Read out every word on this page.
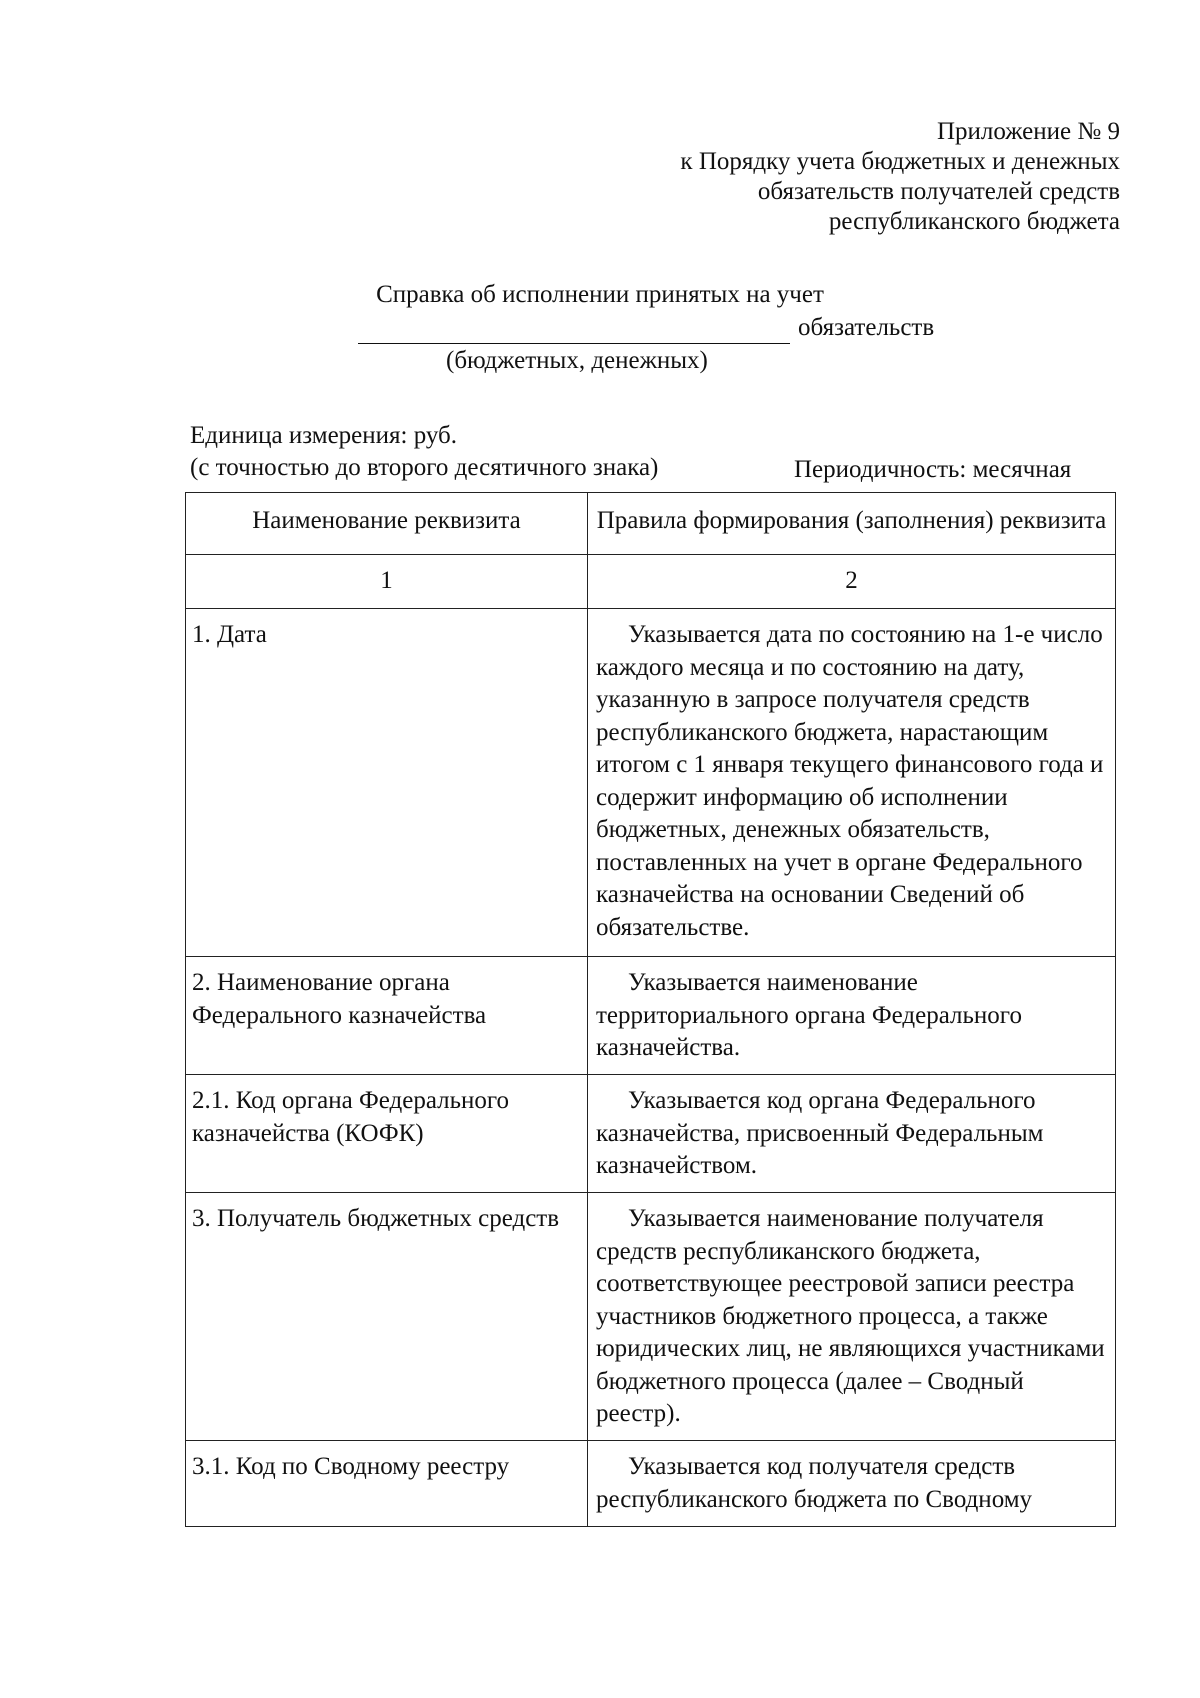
Приложение № 9
к Порядку учета бюджетных и денежных
обязательств получателей средств
республиканского бюджета
Справка об исполнении принятых на учет
обязательств
(бюджетных, денежных)
Единица измерения: руб.
(с точностью до второго десятичного знака)	Периодичность: месячная
Наименование реквизита	Правила формирования (заполнения) реквизита
1	2
1. Дата	Указывается дата по состоянию на 1-е число каждого месяца и по состоянию на дату, указанную в запросе получателя средств республиканского бюджета, нарастающим итогом с 1 января текущего финансового года и содержит информацию об исполнении бюджетных, денежных обязательств, поставленных на учет в органе Федерального казначейства на основании Сведений об обязательстве.
2. Наименование органа Федерального казначейства	Указывается наименование территориального органа Федерального казначейства.
2.1. Код органа Федерального казначейства (КОФК)	Указывается код органа Федерального казначейства, присвоенный Федеральным казначейством.
3. Получатель бюджетных средств	Указывается наименование получателя средств республиканского бюджета, соответствующее реестровой записи реестра участников бюджетного процесса, а также юридических лиц, не являющихся участниками бюджетного процесса (далее – Сводный реестр).
3.1. Код по Сводному реестру	Указывается код получателя средств республиканского бюджета по Сводному
